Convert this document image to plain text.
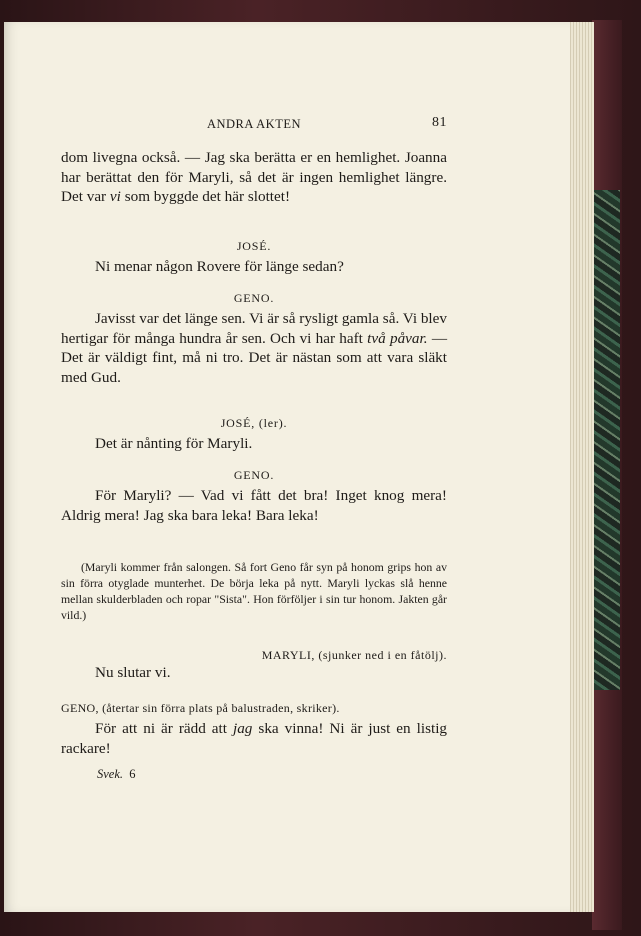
ANDRA AKTEN	81

dom livegna också. — Jag ska berätta er en hemlighet. Joanna har berättat den för Maryli, så det är ingen hemlighet längre. Det var vi som byggde det här slottet!

JOSÉ.

Ni menar någon Rovere för länge sedan?

GENO.

Javisst var det länge sen. Vi är så rysligt gamla så. Vi blev hertigar för många hundra år sen. Och vi har haft två påvar. — Det är väldigt fint, må ni tro. Det är nästan som att vara släkt med Gud.

JOSÉ, (ler).

Det är nånting för Maryli.

GENO.

För Maryli? — Vad vi fått det bra! Inget knog mera! Aldrig mera! Jag ska bara leka! Bara leka!

(Maryli kommer från salongen. Så fort Geno får syn på honom grips hon av sin förra otyglade munterhet. De börja leka på nytt. Maryli lyckas slå henne mellan skulderbladen och ropar "Sista". Hon förföljer i sin tur honom. Jakten går vild.)

MARYLI, (sjunker ned i en fåtölj).

Nu slutar vi.

GENO, (återtar sin förra plats på balustraden, skriker).

För att ni är rädd att jag ska vinna! Ni är just en listig rackare!

Svek. 6
